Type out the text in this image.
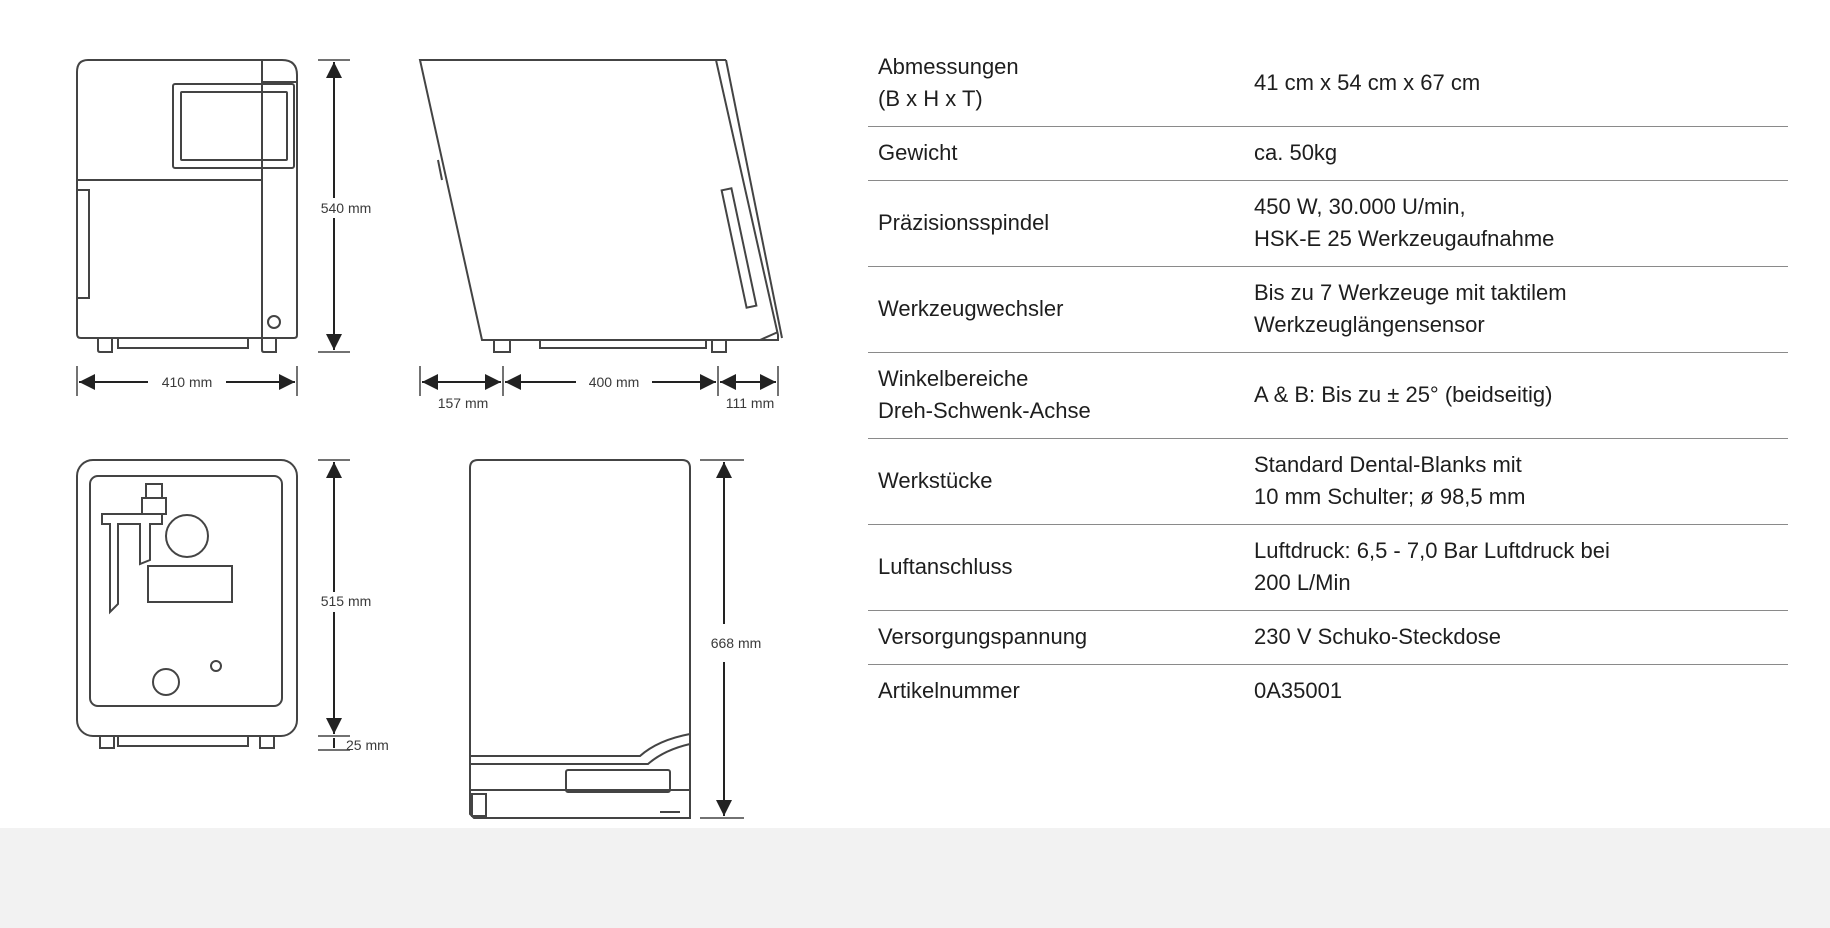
540 mm
410 mm
157 mm
400 mm
111 mm
515 mm
25 mm
668 mm
Abmessungen
(B x H x T)	41 cm x 54 cm x 67 cm
Gewicht	ca. 50kg
Präzisionsspindel	450 W, 30.000 U/min,
HSK-E 25 Werkzeugaufnahme
Werkzeugwechsler	Bis zu 7 Werkzeuge mit taktilem
Werkzeuglängensensor
Winkelbereiche
Dreh-Schwenk-Achse	A & B: Bis zu ± 25° (beidseitig)
Werkstücke	Standard Dental-Blanks mit
10 mm Schulter; ø 98,5 mm
Luftanschluss	Luftdruck: 6,5 - 7,0 Bar Luftdruck bei
200 L/Min
Versorgungspannung	230 V Schuko-Steckdose
Artikelnummer	0A35001
